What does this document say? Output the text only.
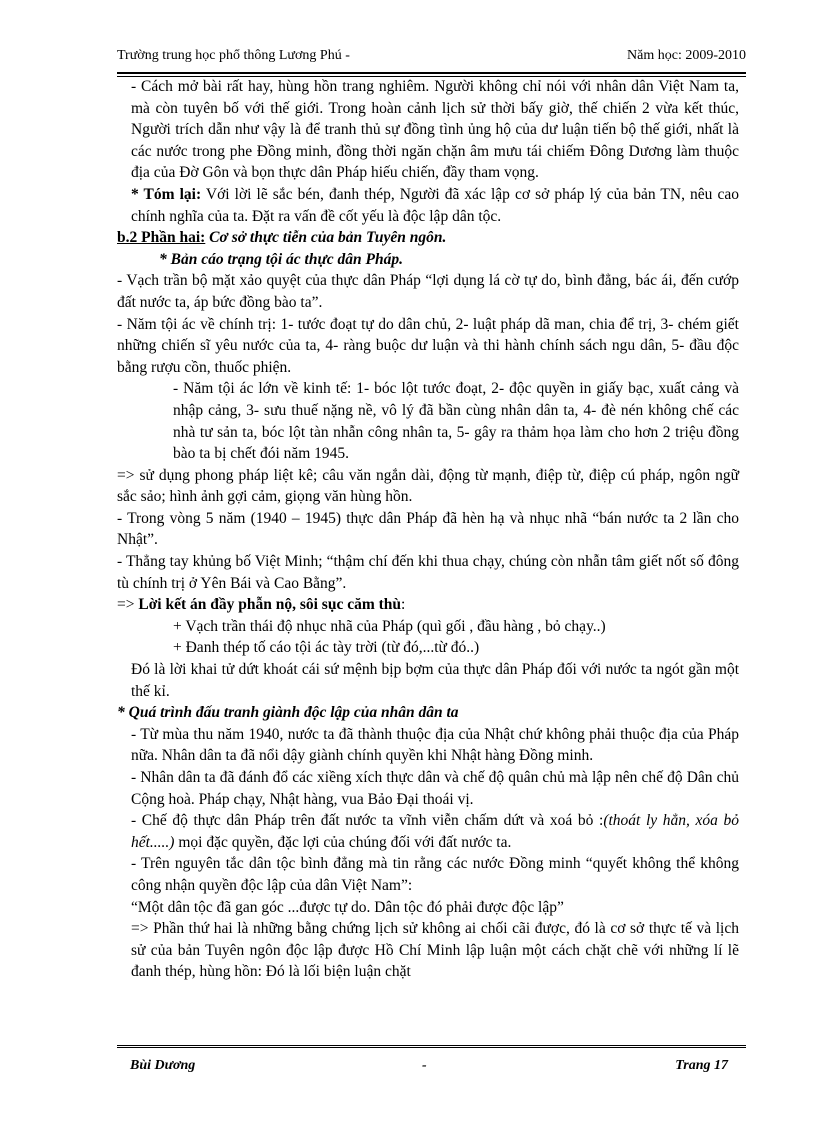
Trường trung học phổ thông Lương Phú -	Năm học: 2009-2010

- Cách mở bài rất hay, hùng hồn trang nghiêm. Người không chỉ nói với nhân dân Việt Nam ta, mà còn tuyên bố với thế giới. Trong hoàn cảnh lịch sử thời bấy giờ, thế chiến 2 vừa kết thúc, Người trích dẫn như vậy là để tranh thủ sự đồng tình ủng hộ của dư luận tiến bộ thế giới, nhất là các nước trong phe Đồng minh, đồng thời ngăn chặn âm mưu tái chiếm Đông Dương làm thuộc địa của Đờ Gôn và bọn thực dân Pháp hiếu chiến, đầy tham vọng.

* Tóm lại: Với lời lẽ sắc bén, đanh thép, Người đã xác lập cơ sở pháp lý của bản TN, nêu cao chính nghĩa của ta. Đặt ra vấn đề cốt yếu là độc lập dân tộc.

b.2 Phần hai: Cơ sở thực tiễn của bản Tuyên ngôn.

* Bản cáo trạng tội ác thực dân Pháp.

- Vạch trần bộ mặt xảo quyệt của thực dân Pháp “lợi dụng lá cờ tự do, bình đẳng, bác ái, đến cướp đất nước ta, áp bức đồng bào ta”.

- Năm tội ác về chính trị: 1- tước đoạt tự do dân chủ, 2- luật pháp dã man, chia để trị, 3- chém giết những chiến sĩ yêu nước của ta, 4- ràng buộc dư luận và thi hành chính sách ngu dân, 5- đầu độc bằng rượu cồn, thuốc phiện.

- Năm tội ác lớn về kinh tế: 1- bóc lột tước đoạt, 2- độc quyền in giấy bạc, xuất cảng và nhập cảng, 3- sưu thuế nặng nề, vô lý đã bần cùng nhân dân ta, 4- đè nén không chế các nhà tư sản ta, bóc lột tàn nhẫn công nhân ta, 5- gây ra thảm họa làm cho hơn 2 triệu đồng bào ta bị chết đói năm 1945.

=> sử dụng phong pháp liệt kê; câu văn ngắn dài, động từ mạnh, điệp từ, điệp cú pháp, ngôn ngữ sắc sảo; hình ảnh gợi cảm, giọng văn hùng hồn.

- Trong vòng 5 năm (1940 – 1945) thực dân Pháp đã hèn hạ và nhục nhã “bán nước ta 2 lần cho Nhật”.

- Thẳng tay khủng bố Việt Minh; “thậm chí đến khi thua chạy, chúng còn nhẫn tâm giết nốt số đông tù chính trị ở Yên Bái và Cao Bằng”.

=> Lời kết án đầy phẫn nộ, sôi sục căm thù:

+ Vạch trần thái độ nhục nhã của Pháp (quì gối , đầu hàng , bỏ chạy..)

+ Đanh thép tố cáo tội ác tày trời (từ đó,...từ đó..)

Đó là lời khai tử dứt khoát cái sứ mệnh bịp bợm của thực dân Pháp đối với nước ta ngót gần một thế kỉ.

* Quá trình đấu tranh giành độc lập của nhân dân ta

- Từ mùa thu năm 1940, nước ta đã thành thuộc địa của Nhật chứ không phải thuộc địa của Pháp nữa. Nhân dân ta đã nổi dậy giành chính quyền khi Nhật hàng Đồng minh.

- Nhân dân ta đã đánh đổ các xiềng xích thực dân và chế độ quân chủ mà lập nên chế độ Dân chủ Cộng hoà. Pháp chạy, Nhật hàng, vua Bảo Đại thoái vị.

- Chế độ thực dân Pháp trên đất nước ta vĩnh viễn chấm dứt và xoá bỏ :(thoát ly hẳn, xóa bỏ hết.....) mọi đặc quyền, đặc lợi của chúng đối với đất nước ta.

- Trên nguyên tắc dân tộc bình đẳng mà tin rằng các nước Đồng minh “quyết không thể không công nhận quyền độc lập của dân Việt Nam”:

“Một dân tộc đã gan góc ...được tự do. Dân tộc đó phải được độc lập”

=> Phần thứ hai là những bằng chứng lịch sử không ai chối cãi được, đó là cơ sở thực tế và lịch sử của bản Tuyên ngôn độc lập được Hồ Chí Minh lập luận một cách chặt chẽ với những lí lẽ đanh thép, hùng hồn: Đó là lối biện luận chặt

Bùi Dương	-	Trang 17
